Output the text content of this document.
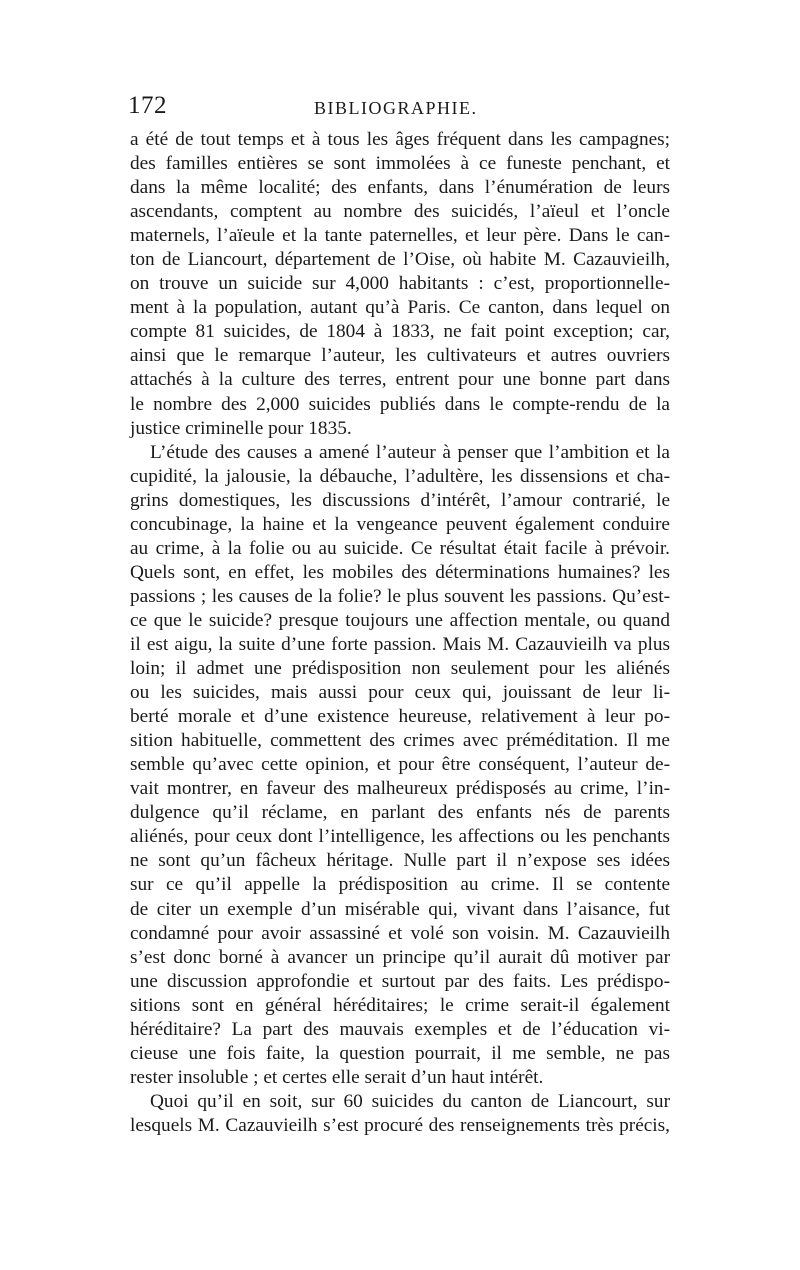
172	BIBLIOGRAPHIE.
a été de tout temps et à tous les âges fréquent dans les campagnes;
des familles entières se sont immolées à ce funeste penchant, et
dans la même localité; des enfants, dans l’énumération de leurs
ascendants, comptent au nombre des suicidés, l’aïeul et l’oncle
maternels, l’aïeule et la tante paternelles, et leur père. Dans le can-
ton de Liancourt, département de l’Oise, où habite M. Cazauvieilh,
on trouve un suicide sur 4,000 habitants : c’est, proportionnelle-
ment à la population, autant qu’à Paris. Ce canton, dans lequel on
compte 81 suicides, de 1804 à 1833, ne fait point exception; car,
ainsi que le remarque l’auteur, les cultivateurs et autres ouvriers
attachés à la culture des terres, entrent pour une bonne part dans
le nombre des 2,000 suicides publiés dans le compte-rendu de la
justice criminelle pour 1835.
L’étude des causes a amené l’auteur à penser que l’ambition et la
cupidité, la jalousie, la débauche, l’adultère, les dissensions et cha-
grins domestiques, les discussions d’intérêt, l’amour contrarié, le
concubinage, la haine et la vengeance peuvent également conduire
au crime, à la folie ou au suicide. Ce résultat était facile à prévoir.
Quels sont, en effet, les mobiles des déterminations humaines? les
passions ; les causes de la folie? le plus souvent les passions. Qu’est-
ce que le suicide? presque toujours une affection mentale, ou quand
il est aigu, la suite d’une forte passion. Mais M. Cazauvieilh va plus
loin; il admet une prédisposition non seulement pour les aliénés
ou les suicides, mais aussi pour ceux qui, jouissant de leur li-
berté morale et d’une existence heureuse, relativement à leur po-
sition habituelle, commettent des crimes avec préméditation. Il me
semble qu’avec cette opinion, et pour être conséquent, l’auteur de-
vait montrer, en faveur des malheureux prédisposés au crime, l’in-
dulgence qu’il réclame, en parlant des enfants nés de parents
aliénés, pour ceux dont l’intelligence, les affections ou les penchants
ne sont qu’un fâcheux héritage. Nulle part il n’expose ses idées
sur ce qu’il appelle la prédisposition au crime. Il se contente
de citer un exemple d’un misérable qui, vivant dans l’aisance, fut
condamné pour avoir assassiné et volé son voisin. M. Cazauvieilh
s’est donc borné à avancer un principe qu’il aurait dû motiver par
une discussion approfondie et surtout par des faits. Les prédispo-
sitions sont en général héréditaires; le crime serait-il également
héréditaire? La part des mauvais exemples et de l’éducation vi-
cieuse une fois faite, la question pourrait, il me semble, ne pas
rester insoluble ; et certes elle serait d’un haut intérêt.
Quoi qu’il en soit, sur 60 suicides du canton de Liancourt, sur
lesquels M. Cazauvieilh s’est procuré des renseignements très précis,
